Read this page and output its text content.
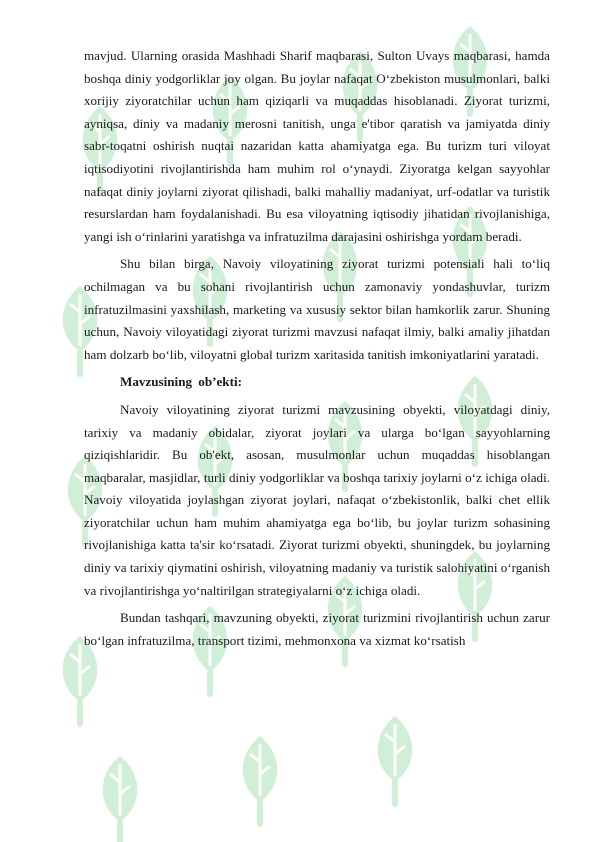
mavjud. Ularning orasida Mashhadi Sharif maqbarasi, Sulton Uvays maqbarasi, hamda boshqa diniy yodgorliklar joy olgan. Bu joylar nafaqat O‘zbekiston musulmonlari, balki xorijiy ziyoratchilar uchun ham qiziqarli va muqaddas hisoblanadi. Ziyorat turizmi, ayniqsa, diniy va madaniy merosni tanitish, unga e'tibor qaratish va jamiyatda diniy sabr-toqatni oshirish nuqtai nazaridan katta ahamiyatga ega. Bu turizm turi viloyat iqtisodiyotini rivojlantirishda ham muhim rol o‘ynaydi. Ziyoratga kelgan sayyohlar nafaqat diniy joylarni ziyorat qilishadi, balki mahalliy madaniyat, urf-odatlar va turistik resurslardan ham foydalanishadi. Bu esa viloyatning iqtisodiy jihatidan rivojlanishiga, yangi ish o‘rinlarini yaratishga va infratuzilma darajasini oshirishga yordam beradi.

Shu bilan birga, Navoiy viloyatining ziyorat turizmi potensiali hali to‘liq ochilmagan va bu sohani rivojlantirish uchun zamonaviy yondashuvlar, turizm infratuzilmasini yaxshilash, marketing va xususiy sektor bilan hamkorlik zarur. Shuning uchun, Navoiy viloyatidagi ziyorat turizmi mavzusi nafaqat ilmiy, balki amaliy jihatdan ham dolzarb bo‘lib, viloyatni global turizm xaritasida tanitish imkoniyatlarini yaratadi.

Mavzusining ob’ekti:

Navoiy viloyatining ziyorat turizmi mavzusining obyekti, viloyatdagi diniy, tarixiy va madaniy obidalar, ziyorat joylari va ularga bo‘lgan sayyohlarning qiziqishlaridir. Bu ob'ekt, asosan, musulmonlar uchun muqaddas hisoblangan maqbaralar, masjidlar, turli diniy yodgorliklar va boshqa tarixiy joylarni o‘z ichiga oladi. Navoiy viloyatida joylashgan ziyorat joylari, nafaqat o‘zbekistonlik, balki chet ellik ziyoratchilar uchun ham muhim ahamiyatga ega bo‘lib, bu joylar turizm sohasining rivojlanishiga katta ta'sir ko‘rsatadi. Ziyorat turizmi obyekti, shuningdek, bu joylarning diniy va tarixiy qiymatini oshirish, viloyatning madaniy va turistik salohiyatini o‘rganish va rivojlantirishga yo‘naltirilgan strategiyalarni o‘z ichiga oladi.

Bundan tashqari, mavzuning obyekti, ziyorat turizmini rivojlantirish uchun zarur bo‘lgan infratuzilma, transport tizimi, mehmonxona va xizmat ko‘rsatish
